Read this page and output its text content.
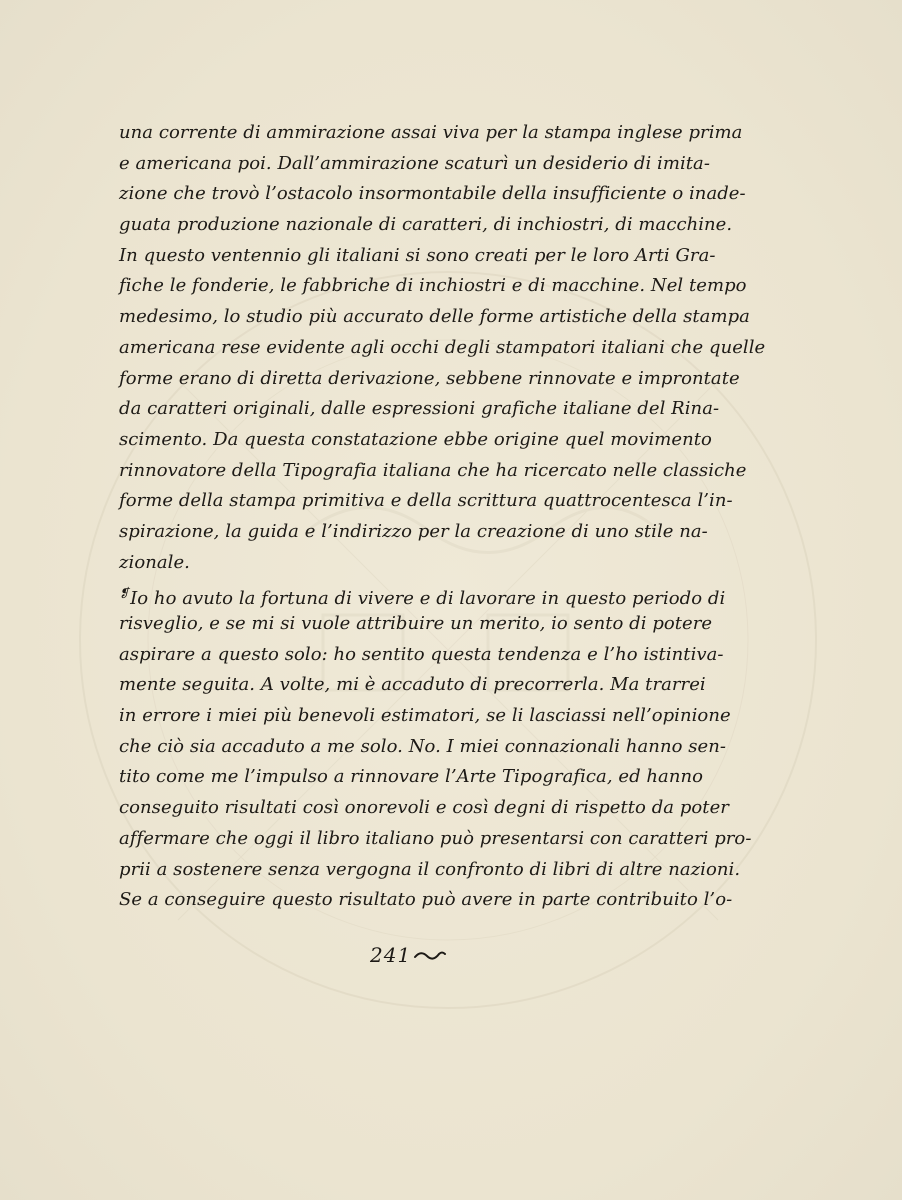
una corrente di ammirazione assai viva per la stampa inglese prima
e americana poi. Dall’ammirazione scaturì un desiderio di imita-
zione che trovò l’ostacolo insormontabile della insufficiente o inade-
guata produzione nazionale di caratteri, di inchiostri, di macchine.
In questo ventennio gli italiani si sono creati per le loro Arti Gra-
fiche le fonderie, le fabbriche di inchiostri e di macchine. Nel tempo
medesimo, lo studio più accurato delle forme artistiche della stampa
americana rese evidente agli occhi degli stampatori italiani che quelle
forme erano di diretta derivazione, sebbene rinnovate e improntate
da caratteri originali, dalle espressioni grafiche italiane del Rina-
scimento. Da questa constatazione ebbe origine quel movimento
rinnovatore della Tipografia italiana che ha ricercato nelle classiche
forme della stampa primitiva e della scrittura quattrocentesca l’in-
spirazione, la guida e l’indirizzo per la creazione di uno stile na-
zionale.
❡Io ho avuto la fortuna di vivere e di lavorare in questo periodo di
risveglio, e se mi si vuole attribuire un merito, io sento di potere
aspirare a questo solo: ho sentito questa tendenza e l’ho istintiva-
mente seguita. A volte, mi è accaduto di precorrerla. Ma trarrei
in errore i miei più benevoli estimatori, se li lasciassi nell’opinione
che ciò sia accaduto a me solo. No. I miei connazionali hanno sen-
tito come me l’impulso a rinnovare l’Arte Tipografica, ed hanno
conseguito risultati così onorevoli e così degni di rispetto da poter
affermare che oggi il libro italiano può presentarsi con caratteri pro-
prii a sostenere senza vergogna il confronto di libri di altre nazioni.
Se a conseguire questo risultato può avere in parte contribuito l’o-
241
